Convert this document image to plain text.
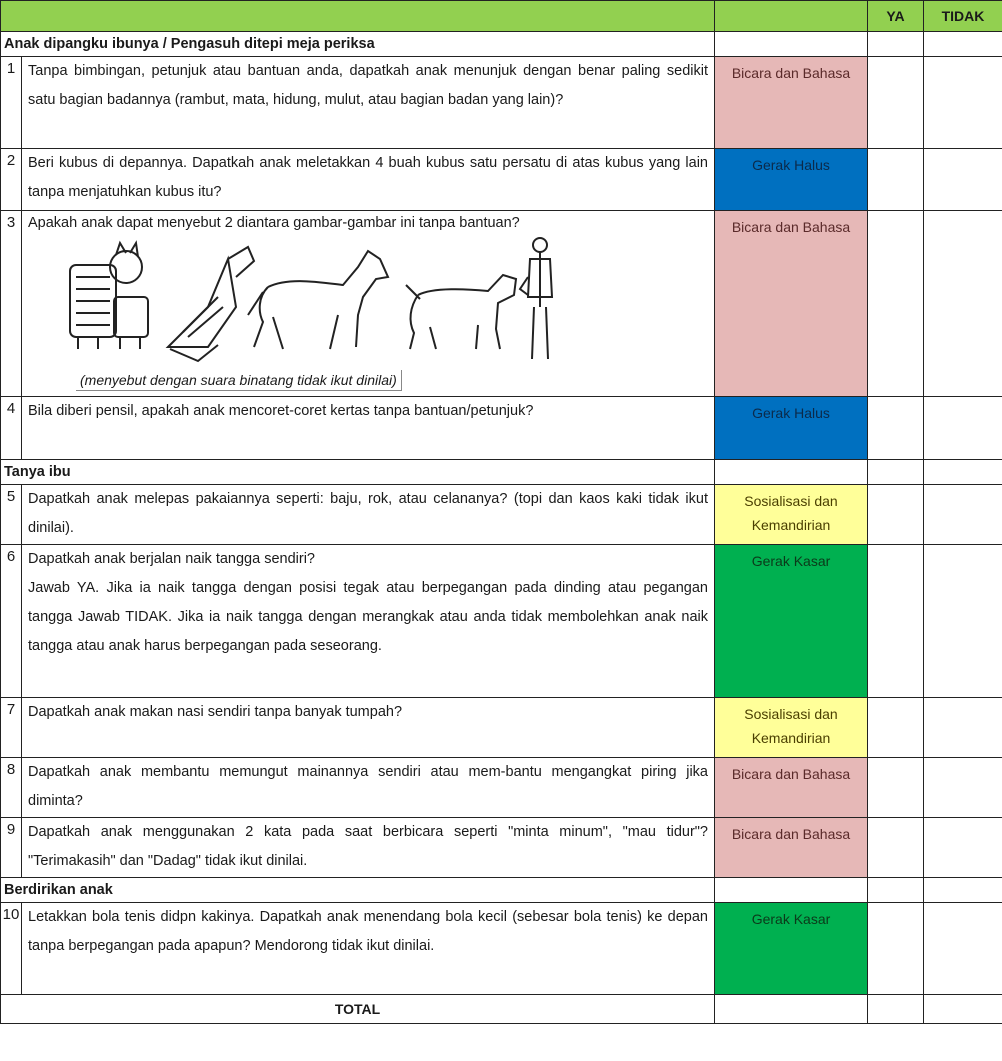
			YA	TIDAK
Anak dipangku ibunya / Pengasuh ditepi meja periksa				
1	Tanpa bimbingan, petunjuk atau bantuan anda, dapatkah anak menunjuk dengan benar paling sedikit satu bagian badannya (rambut, mata, hidung, mulut, atau bagian badan yang lain)?	Bicara dan Bahasa		
2	Beri kubus di depannya. Dapatkah anak meletakkan 4 buah kubus satu persatu di atas kubus yang lain tanpa menjatuhkan kubus itu?	Gerak Halus		
3	Apakah anak dapat menyebut 2 diantara gambar-gambar ini tanpa bantuan?

(menyebut dengan suara binatang tidak ikut dinilai)	Bicara dan Bahasa		
4	Bila diberi pensil, apakah anak mencoret-coret kertas tanpa bantuan/petunjuk?	Gerak Halus		
Tanya ibu				
5	Dapatkah anak melepas pakaiannya seperti: baju, rok, atau celananya? (topi dan kaos kaki tidak ikut dinilai).	Sosialisasi dan Kemandirian		
6	Dapatkah anak berjalan naik tangga sendiri?

Jawab YA. Jika ia naik tangga dengan posisi tegak atau berpegangan pada dinding atau pegangan tangga Jawab TIDAK. Jika ia naik tangga dengan merangkak atau anda tidak membolehkan anak naik tangga atau anak harus berpegangan pada seseorang.	Gerak Kasar		
7	Dapatkah anak makan nasi sendiri tanpa banyak tumpah?	Sosialisasi dan Kemandirian		
8	Dapatkah anak membantu memungut mainannya sendiri atau mem-bantu mengangkat piring jika diminta?	Bicara dan Bahasa		
9	Dapatkah anak menggunakan 2 kata pada saat berbicara seperti "minta minum", "mau tidur"? "Terimakasih" dan "Dadag" tidak ikut dinilai.	Bicara dan Bahasa		
Berdirikan anak				
10	Letakkan bola tenis didpn kakinya. Dapatkah anak menendang bola kecil (sebesar bola tenis) ke depan tanpa berpegangan pada apapun? Mendorong tidak ikut dinilai.	Gerak Kasar		
TOTAL				
